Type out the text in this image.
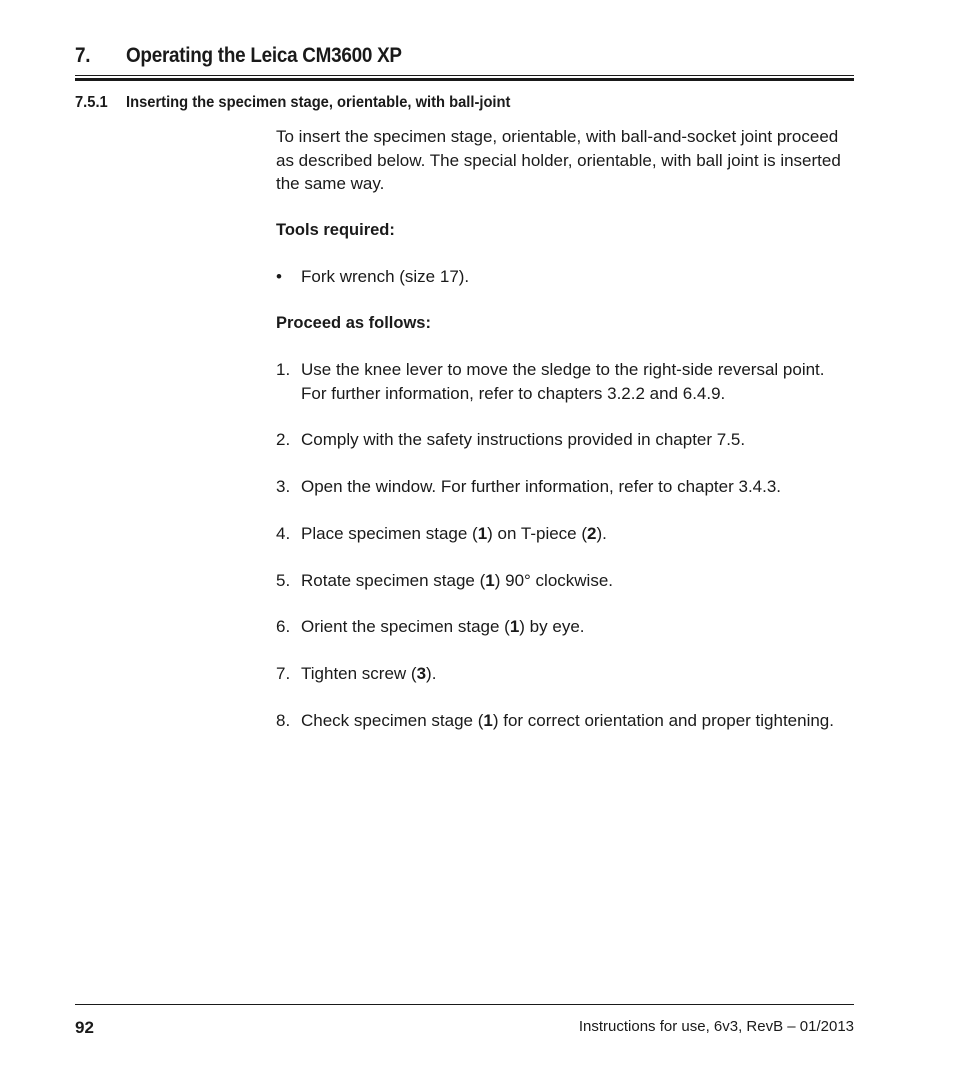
7. Operating the Leica CM3600 XP
7.5.1 Inserting the specimen stage, orientable, with ball-joint

To insert the specimen stage, orientable, with ball-and-socket joint proceed as described below. The special holder, orientable, with ball joint is inserted the same way.

Tools required:

• Fork wrench (size 17).

Proceed as follows:

1. Use the knee lever to move the sledge to the right-side reversal point. For further information, refer to chapters 3.2.2 and 6.4.9.
2. Comply with the safety instructions provided in chapter 7.5.
3. Open the window. For further information, refer to chapter 3.4.3.
4. Place specimen stage (1) on T-piece (2).
5. Rotate specimen stage (1) 90° clockwise.
6. Orient the specimen stage (1) by eye.
7. Tighten screw (3).
8. Check specimen stage (1) for correct orientation and proper tightening.
92	Instructions for use, 6v3, RevB – 01/2013
